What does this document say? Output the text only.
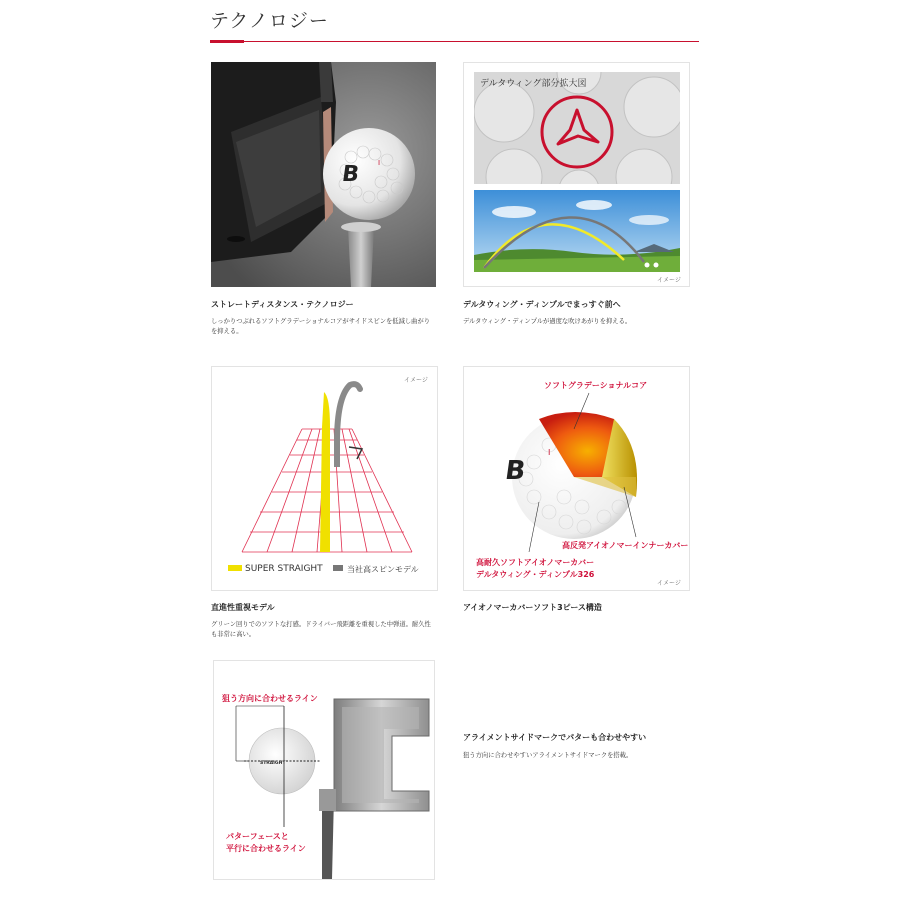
テクノロジー
B I
ストレートディスタンス・テクノロジー
しっかりつぶれるソフトグラデーショナルコアがサイドスピンを低減し曲がりを抑える。
デルタウィング部分拡大図
イメージ
デルタウィング・ディンプルでまっすぐ前へ
デルタウィング・ディンプルが過度な吹けあがりを抑える。
イメージ
SUPER STRAIGHT	当社高スピンモデル
直進性重視モデル
グリーン回りでのソフトな打感。ドライバー飛距離を重視した中弾道。耐久性も非常に高い。
B
I
ソフトグラデーショナルコア
高反発アイオノマーインナーカバー
高耐久ソフトアイオノマーカバー
デルタウィング・ディンプル326
イメージ
アイオノマーカバーソフト3ピース構造
STRAIGHT
狙う方向に合わせるライン
パターフェースと
平行に合わせるライン
アライメントサイドマークでパターも合わせやすい
狙う方向に合わせやすいアライメントサイドマークを搭載。
